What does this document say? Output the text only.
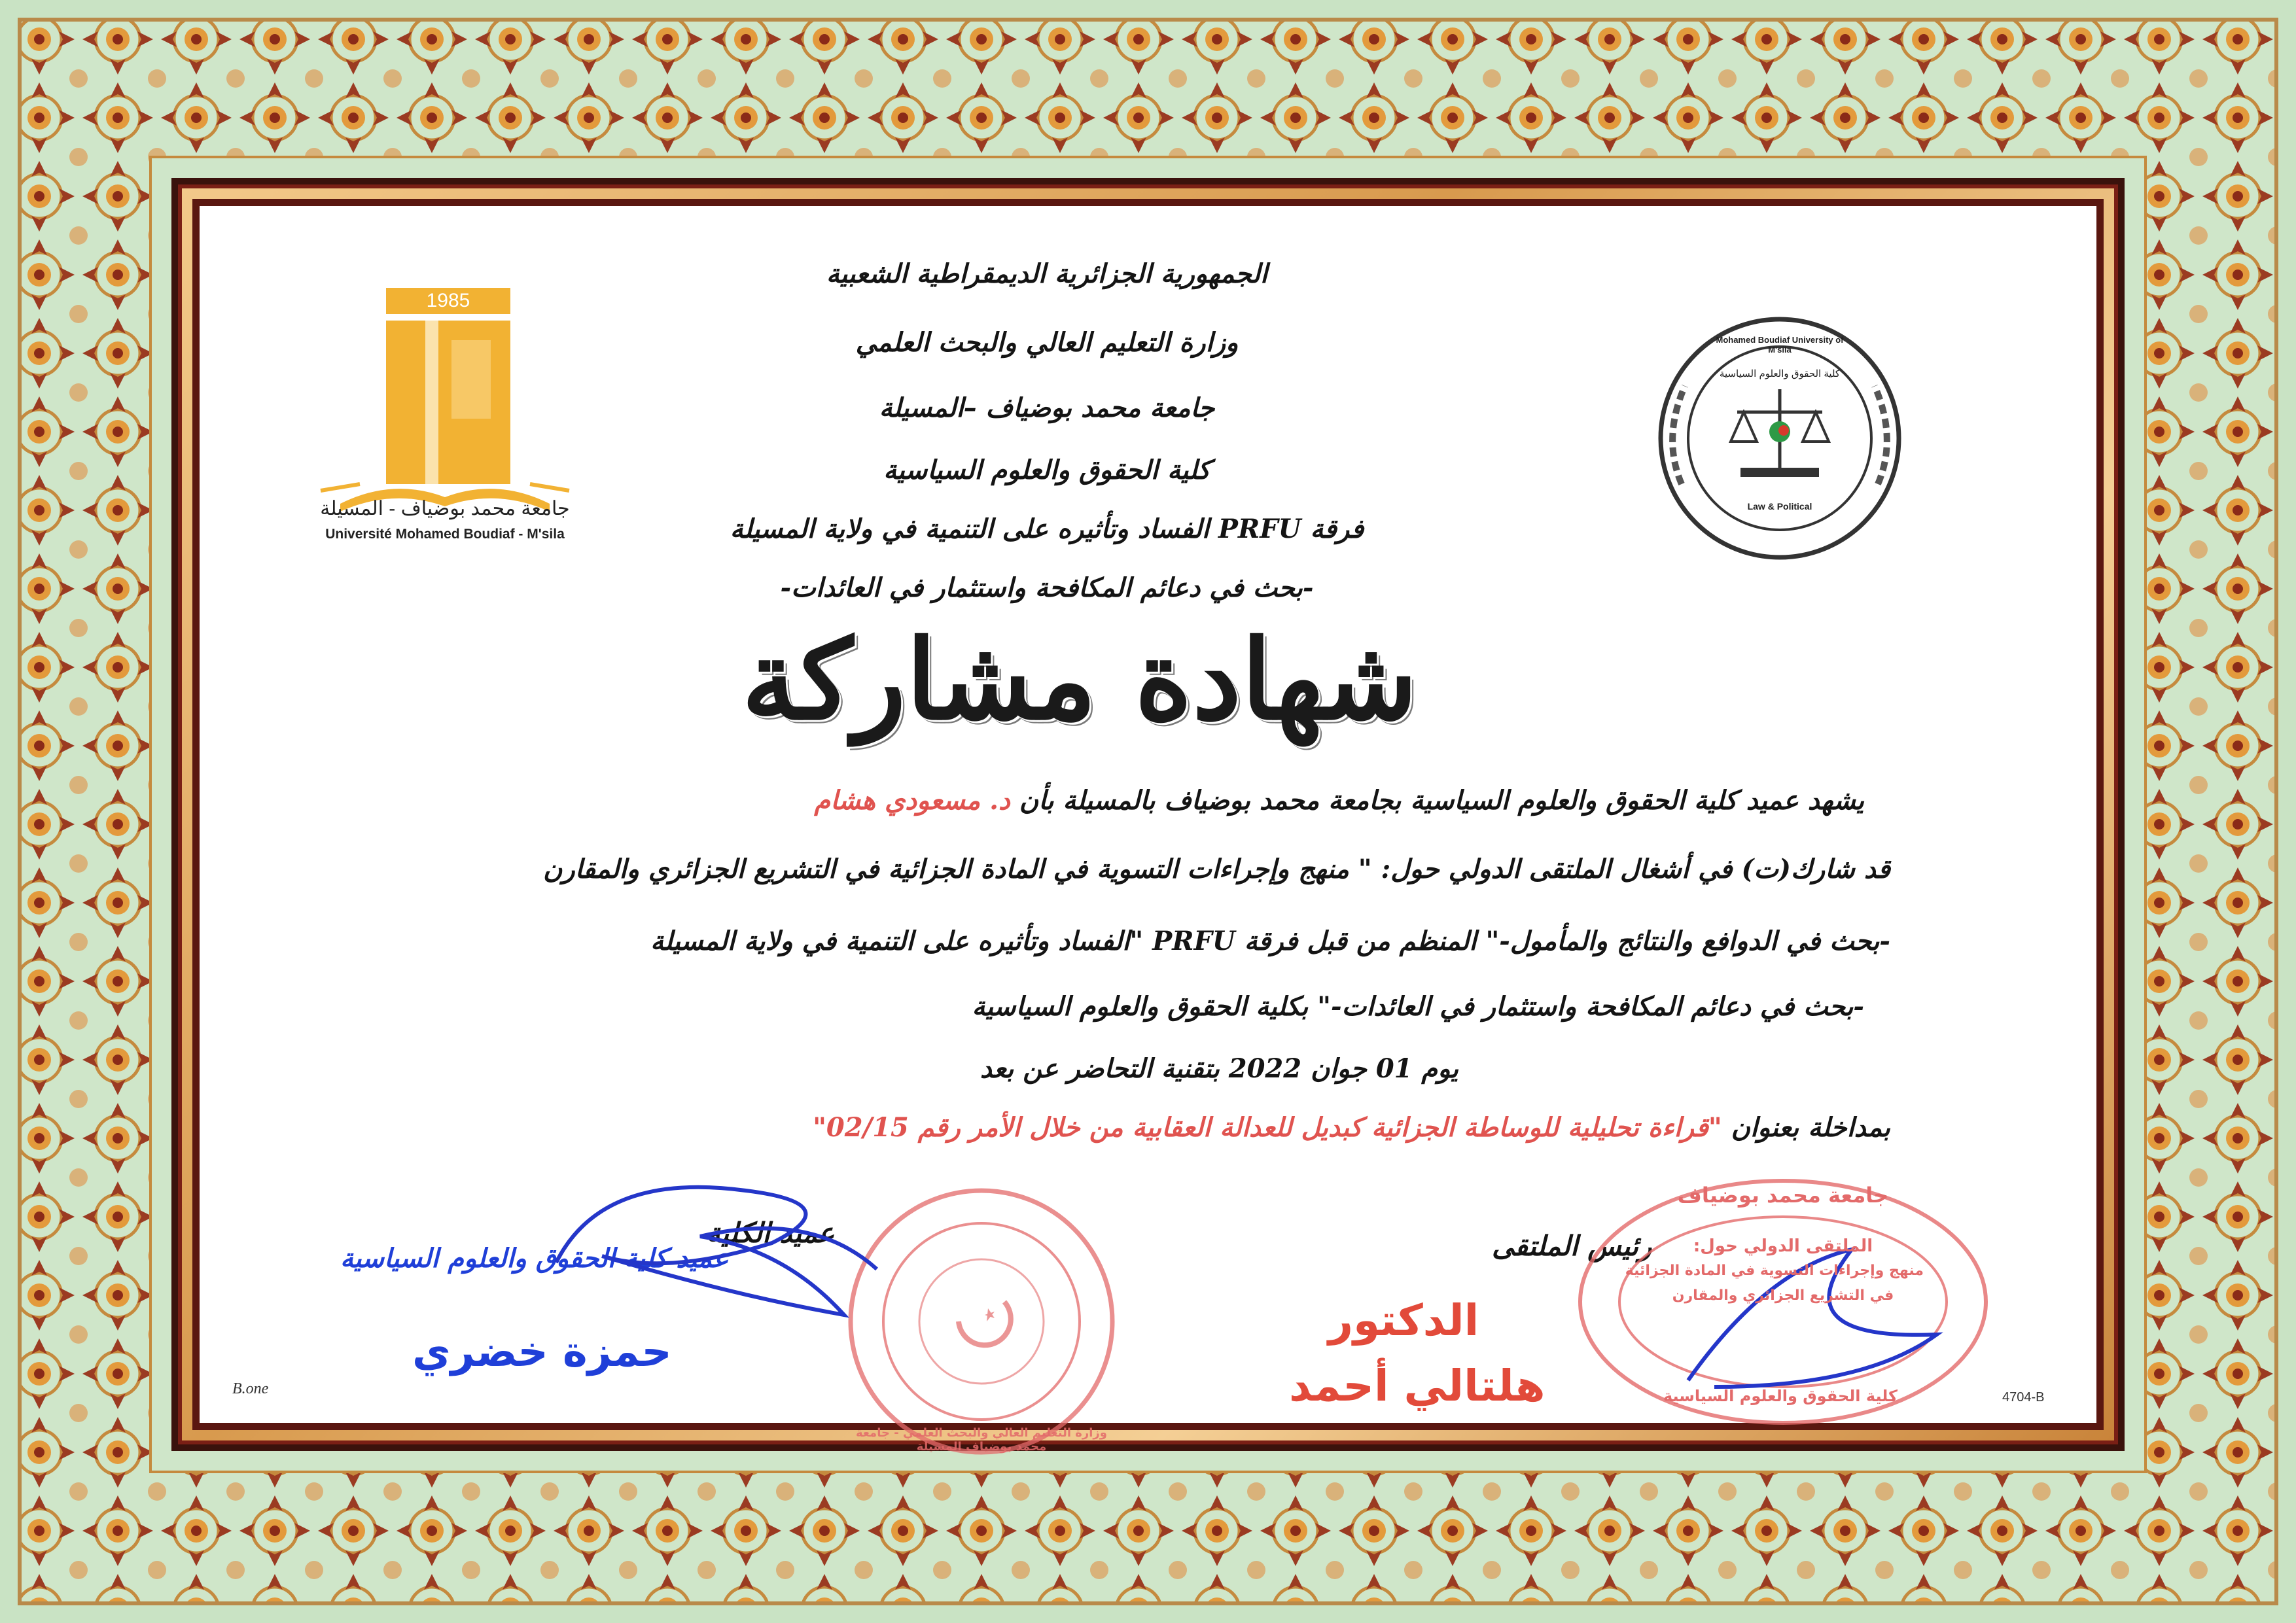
1985
جامعة محمد بوضياف - المسيلة
Université Mohamed Boudiaf - M'sila
Mohamed Boudiaf University of M'sila
كلية الحقوق والعلوم السياسية
Law & Political
الجمهورية الجزائرية الديمقراطية الشعبية
وزارة التعليم العالي والبحث العلمي
جامعة محمد بوضياف –المسيلة
كلية الحقوق والعلوم السياسية
فرقة PRFU الفساد وتأثيره على التنمية في ولاية المسيلة
-بحث في دعائم المكافحة واستثمار في العائدات-
شهادة مشاركة
يشهد عميد كلية الحقوق والعلوم السياسية بجامعة محمد بوضياف بالمسيلة بأن د. مسعودي هشام
قد شارك(ت) في أشغال الملتقى الدولي حول: " منهج وإجراءات التسوية في المادة الجزائية في التشريع الجزائري والمقارن
-بحث في الدوافع والنتائج والمأمول-" المنظم من قبل فرقة PRFU "الفساد وتأثيره على التنمية في ولاية المسيلة
-بحث في دعائم المكافحة واستثمار في العائدات-" بكلية الحقوق والعلوم السياسية
يوم 01 جوان 2022 بتقنية التحاضر عن بعد
بمداخلة بعنوان "قراءة تحليلية للوساطة الجزائية كبديل للعدالة العقابية من خلال الأمر رقم 02/15"
وزارة التعليم العالي والبحث العلمي - جامعة محمد بوضياف المسيلة
عميد الكلية
عميد كلية الحقوق والعلوم السياسية
حمزة خضري
رئيس الملتقى
الدكتور
هلتالي أحمد
جامعة محمد بوضياف
الملتقى الدولي حول:
منهج وإجراءات التسوية في المادة الجزائية
في التشريع الجزائري والمقارن
كلية الحقوق والعلوم السياسية
B.one	4704-B
